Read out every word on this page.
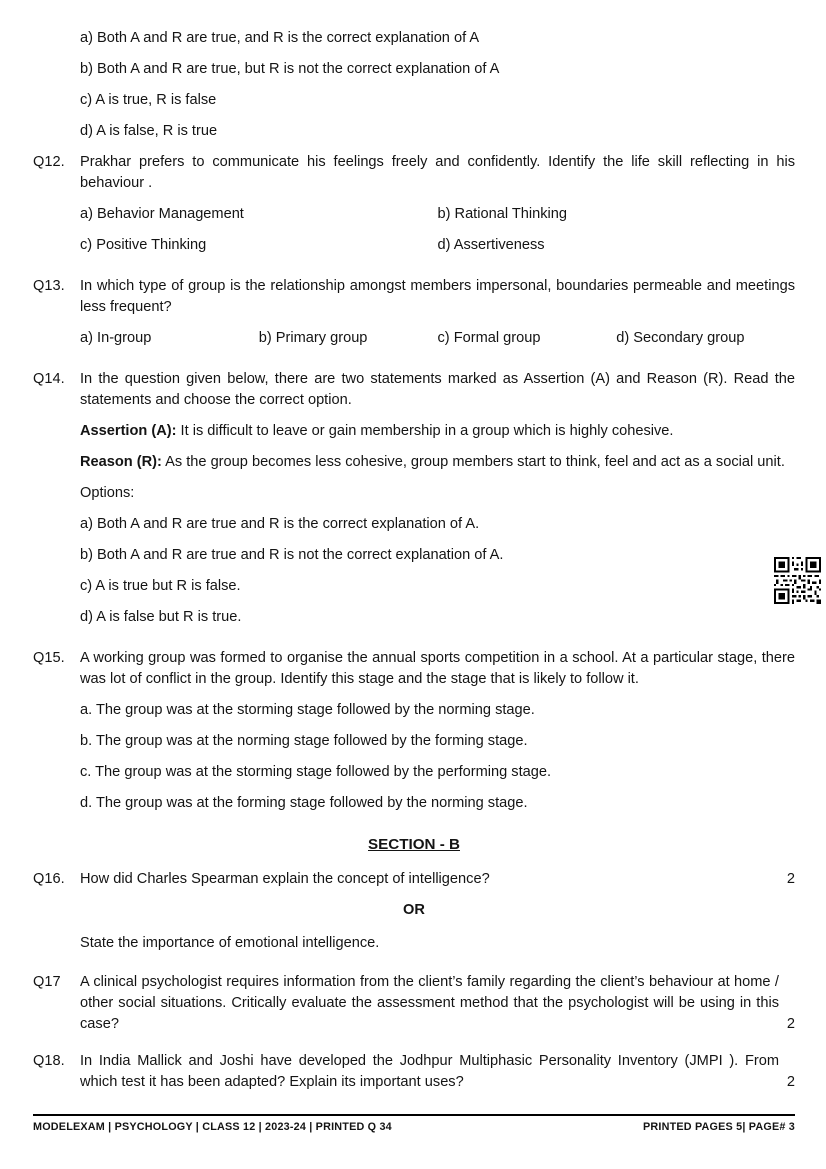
a) Both A and R are true, and R is the correct explanation of A

b) Both A and R are true, but R is not the correct explanation of A

c) A is true, R is false

d) A is false, R is true

Q12.	Prakhar prefers to communicate his feelings freely and confidently. Identify the life skill reflecting in his behaviour .

a) Behavior Management	b) Rational Thinking
c) Positive Thinking	d) Assertiveness
Q13.	In which type of group is the relationship amongst members impersonal, boundaries permeable and meetings less frequent?

a) In-group	b) Primary group	c) Formal group	d) Secondary group
Q14.	In the question given below, there are two statements marked as Assertion (A) and Reason (R). Read the statements and choose the correct option.

Assertion (A): It is difficult to leave or gain membership in a group which is highly cohesive.

Reason (R): As the group becomes less cohesive, group members start to think, feel and act as a social unit.

Options:

a) Both A and R are true and R is the correct explanation of A.

b) Both A and R are true and R is not the correct explanation of A.

c) A is true but R is false.

d) A is false but R is true.

Q15.	A working group was formed to organise the annual sports competition in a school. At a particular stage, there was lot of conflict in the group. Identify this stage and the stage that is likely to follow it.

a. The group was at the storming stage followed by the norming stage.

b. The group was at the norming stage followed by the forming stage.

c. The group was at the storming stage followed by the performing stage.

d. The group was at the forming stage followed by the norming stage.

SECTION - B
Q16.	How did Charles Spearman explain the concept of intelligence?	2
OR

State the importance of emotional intelligence.

Q17	A clinical psychologist requires information from the client’s family regarding the client’s behaviour at home / other social situations. Critically evaluate the assessment method that the psychologist will be using in this case?	2
Q18.	In India Mallick and Joshi have developed the Jodhpur Multiphasic Personality Inventory (JMPI ). From which test it has been adapted? Explain its important uses?	2
MODELEXAM | PSYCHOLOGY | CLASS 12 | 2023-24 | PRINTED Q 34	PRINTED PAGES 5| PAGE# 3
